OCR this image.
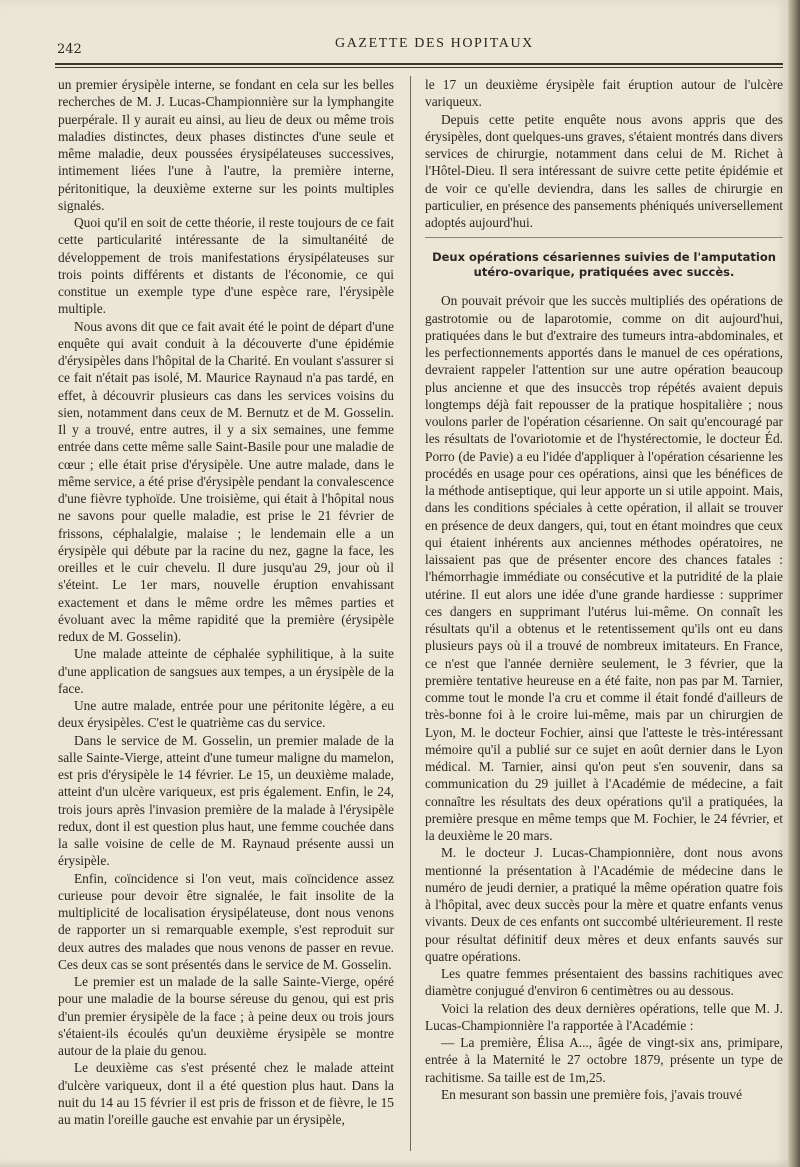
242	GAZETTE DES HOPITAUX

un premier érysipèle interne, se fondant en cela sur les belles recherches de M. J. Lucas-Championnière sur la lymphangite puerpérale. Il y aurait eu ainsi, au lieu de deux ou même trois maladies distinctes, deux phases distinctes d'une seule et même maladie, deux poussées érysipélateuses successives, intimement liées l'une à l'autre, la première interne, péritonitique, la deuxième externe sur les points multiples signalés.

Quoi qu'il en soit de cette théorie, il reste toujours de ce fait cette particularité intéressante de la simultanéité de développement de trois manifestations érysipélateuses sur trois points différents et distants de l'économie, ce qui constitue un exemple type d'une espèce rare, l'érysipèle multiple.

Nous avons dit que ce fait avait été le point de départ d'une enquête qui avait conduit à la découverte d'une épidémie d'érysipèles dans l'hôpital de la Charité. En voulant s'assurer si ce fait n'était pas isolé, M. Maurice Raynaud n'a pas tardé, en effet, à découvrir plusieurs cas dans les services voisins du sien, notamment dans ceux de M. Bernutz et de M. Gosselin. Il y a trouvé, entre autres, il y a six semaines, une femme entrée dans cette même salle Saint-Basile pour une maladie de cœur ; elle était prise d'érysipèle. Une autre malade, dans le même service, a été prise d'érysipèle pendant la convalescence d'une fièvre typhoïde. Une troisième, qui était à l'hôpital nous ne savons pour quelle maladie, est prise le 21 février de frissons, céphalalgie, malaise ; le lendemain elle a un érysipèle qui débute par la racine du nez, gagne la face, les oreilles et le cuir chevelu. Il dure jusqu'au 29, jour où il s'éteint. Le 1er mars, nouvelle éruption envahissant exactement et dans le même ordre les mêmes parties et évoluant avec la même rapidité que la première (érysipèle redux de M. Gosselin).

Une malade atteinte de céphalée syphilitique, à la suite d'une application de sangsues aux tempes, a un érysipèle de la face.

Une autre malade, entrée pour une péritonite légère, a eu deux érysipèles. C'est le quatrième cas du service.

Dans le service de M. Gosselin, un premier malade de la salle Sainte-Vierge, atteint d'une tumeur maligne du mamelon, est pris d'érysipèle le 14 février. Le 15, un deuxième malade, atteint d'un ulcère variqueux, est pris également. Enfin, le 24, trois jours après l'invasion première de la malade à l'érysipèle redux, dont il est question plus haut, une femme couchée dans la salle voisine de celle de M. Raynaud présente aussi un érysipèle.

Enfin, coïncidence si l'on veut, mais coïncidence assez curieuse pour devoir être signalée, le fait insolite de la multiplicité de localisation érysipélateuse, dont nous venons de rapporter un si remarquable exemple, s'est reproduit sur deux autres des malades que nous venons de passer en revue. Ces deux cas se sont présentés dans le service de M. Gosselin.

Le premier est un malade de la salle Sainte-Vierge, opéré pour une maladie de la bourse séreuse du genou, qui est pris d'un premier érysipèle de la face ; à peine deux ou trois jours s'étaient-ils écoulés qu'un deuxième érysipèle se montre autour de la plaie du genou.

Le deuxième cas s'est présenté chez le malade atteint d'ulcère variqueux, dont il a été question plus haut. Dans la nuit du 14 au 15 février il est pris de frisson et de fièvre, le 15 au matin l'oreille gauche est envahie par un érysipèle,

le 17 un deuxième érysipèle fait éruption autour de l'ulcère variqueux.

Depuis cette petite enquête nous avons appris que des érysipèles, dont quelques-uns graves, s'étaient montrés dans divers services de chirurgie, notamment dans celui de M. Richet à l'Hôtel-Dieu. Il sera intéressant de suivre cette petite épidémie et de voir ce qu'elle deviendra, dans les salles de chirurgie en particulier, en présence des pansements phéniqués universellement adoptés aujourd'hui.

Deux opérations césariennes suivies de l'amputation utéro-ovarique, pratiquées avec succès.

On pouvait prévoir que les succès multipliés des opérations de gastrotomie ou de laparotomie, comme on dit aujourd'hui, pratiquées dans le but d'extraire des tumeurs intra-abdominales, et les perfectionnements apportés dans le manuel de ces opérations, devraient rappeler l'attention sur une autre opération beaucoup plus ancienne et que des insuccès trop répétés avaient depuis longtemps déjà fait repousser de la pratique hospitalière ; nous voulons parler de l'opération césarienne. On sait qu'encouragé par les résultats de l'ovariotomie et de l'hystérectomie, le docteur Éd. Porro (de Pavie) a eu l'idée d'appliquer à l'opération césarienne les procédés en usage pour ces opérations, ainsi que les bénéfices de la méthode antiseptique, qui leur apporte un si utile appoint. Mais, dans les conditions spéciales à cette opération, il allait se trouver en présence de deux dangers, qui, tout en étant moindres que ceux qui étaient inhérents aux anciennes méthodes opératoires, ne laissaient pas que de présenter encore des chances fatales : l'hémorrhagie immédiate ou consécutive et la putridité de la plaie utérine. Il eut alors une idée d'une grande hardiesse : supprimer ces dangers en supprimant l'utérus lui-même. On connaît les résultats qu'il a obtenus et le retentissement qu'ils ont eu dans plusieurs pays où il a trouvé de nombreux imitateurs. En France, ce n'est que l'année dernière seulement, le 3 février, que la première tentative heureuse en a été faite, non pas par M. Tarnier, comme tout le monde l'a cru et comme il était fondé d'ailleurs de très-bonne foi à le croire lui-même, mais par un chirurgien de Lyon, M. le docteur Fochier, ainsi que l'atteste le très-intéressant mémoire qu'il a publié sur ce sujet en août dernier dans le Lyon médical. M. Tarnier, ainsi qu'on peut s'en souvenir, dans sa communication du 29 juillet à l'Académie de médecine, a fait connaître les résultats des deux opérations qu'il a pratiquées, la première presque en même temps que M. Fochier, le 24 février, et la deuxième le 20 mars.

M. le docteur J. Lucas-Championnière, dont nous avons mentionné la présentation à l'Académie de médecine dans le numéro de jeudi dernier, a pratiqué la même opération quatre fois à l'hôpital, avec deux succès pour la mère et quatre enfants venus vivants. Deux de ces enfants ont succombé ultérieurement. Il reste pour résultat définitif deux mères et deux enfants sauvés sur quatre opérations.

Les quatre femmes présentaient des bassins rachitiques avec diamètre conjugué d'environ 6 centimètres ou au dessous.

Voici la relation des deux dernières opérations, telle que M. J. Lucas-Championnière l'a rapportée à l'Académie :

— La première, Élisa A..., âgée de vingt-six ans, primipare, entrée à la Maternité le 27 octobre 1879, présente un type de rachitisme. Sa taille est de 1m,25.

En mesurant son bassin une première fois, j'avais trouvé
